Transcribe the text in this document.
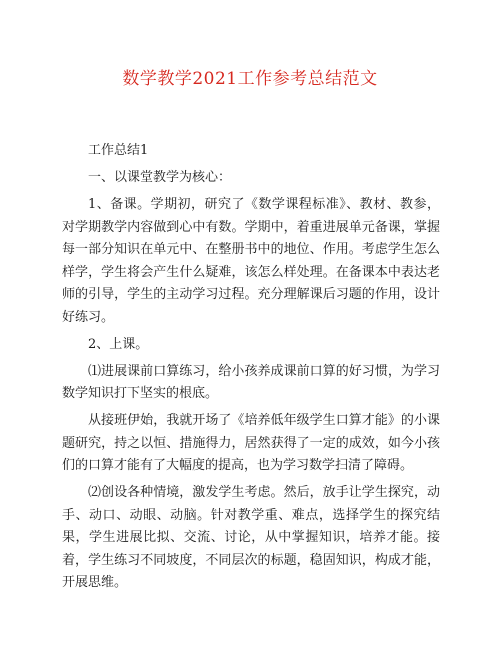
数学教学2021工作参考总结范文

工作总结1

一、以课堂教学为核心：

1、备课。学期初，研究了《数学课程标准》、教材、教参，对学期教学内容做到心中有数。学期中，着重进展单元备课，掌握每一部分知识在单元中、在整册书中的地位、作用。考虑学生怎么样学，学生将会产生什么疑难，该怎么样处理。在备课本中表达老师的引导，学生的主动学习过程。充分理解课后习题的作用，设计好练习。

2、上课。

⑴进展课前口算练习，给小孩养成课前口算的好习惯，为学习数学知识打下坚实的根底。

从接班伊始，我就开场了《培养低年级学生口算才能》的小课题研究，持之以恒、措施得力，居然获得了一定的成效，如今小孩们的口算才能有了大幅度的提高，也为学习数学扫清了障碍。

⑵创设各种情境，激发学生考虑。然后，放手让学生探究，动手、动口、动眼、动脑。针对教学重、难点，选择学生的探究结果，学生进展比拟、交流、讨论，从中掌握知识，培养才能。接着，学生练习不同坡度，不同层次的标题，稳固知识，构成才能，开展思维。
